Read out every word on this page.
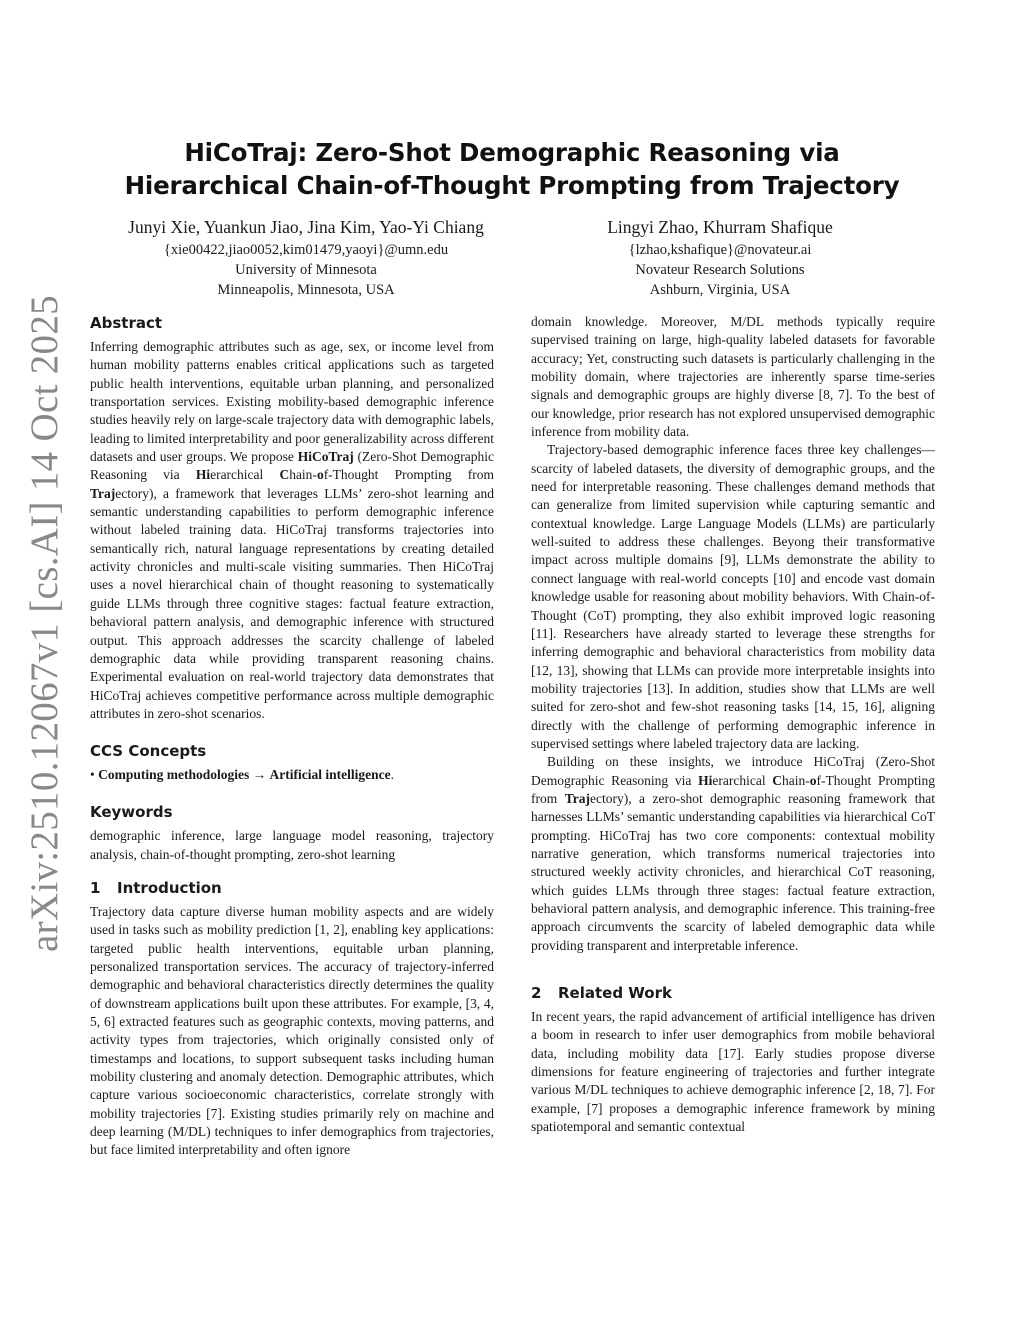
arXiv:2510.12067v1 [cs.AI] 14 Oct 2025
HiCoTraj: Zero-Shot Demographic Reasoning via
Hierarchical Chain-of-Thought Prompting from Trajectory
Junyi Xie, Yuankun Jiao, Jina Kim, Yao-Yi Chiang
{xie00422,jiao0052,kim01479,yaoyi}@umn.edu
University of Minnesota
Minneapolis, Minnesota, USA
Lingyi Zhao, Khurram Shafique
{lzhao,kshafique}@novateur.ai
Novateur Research Solutions
Ashburn, Virginia, USA
Abstract

Inferring demographic attributes such as age, sex, or income level from human mobility patterns enables critical applications such as targeted public health interventions, equitable urban planning, and personalized transportation services. Existing mobility-based demographic inference studies heavily rely on large-scale trajectory data with demographic labels, leading to limited interpretability and poor generalizability across different datasets and user groups. We propose HiCoTraj (Zero-Shot Demographic Reasoning via Hierarchical Chain-of-Thought Prompting from Trajectory), a framework that leverages LLMs’ zero-shot learning and semantic understanding capabilities to perform demographic inference without labeled training data. HiCoTraj transforms trajectories into semantically rich, natural language representations by creating detailed activity chronicles and multi-scale visiting summaries. Then HiCoTraj uses a novel hierarchical chain of thought reasoning to systematically guide LLMs through three cognitive stages: factual feature extraction, behavioral pattern analysis, and demographic inference with structured output. This approach addresses the scarcity challenge of labeled demographic data while providing transparent reasoning chains. Experimental evaluation on real-world trajectory data demonstrates that HiCoTraj achieves competitive performance across multiple demographic attributes in zero-shot scenarios.

CCS Concepts
• Computing methodologies → Artificial intelligence.
Keywords

demographic inference, large language model reasoning, trajectory analysis, chain-of-thought prompting, zero-shot learning

1 Introduction

Trajectory data capture diverse human mobility aspects and are widely used in tasks such as mobility prediction [1, 2], enabling key applications: targeted public health interventions, equitable urban planning, personalized transportation services. The accuracy of trajectory-inferred demographic and behavioral characteristics directly determines the quality of downstream applications built upon these attributes. For example, [3, 4, 5, 6] extracted features such as geographic contexts, moving patterns, and activity types from trajectories, which originally consisted only of timestamps and locations, to support subsequent tasks including human mobility clustering and anomaly detection. Demographic attributes, which capture various socioeconomic characteristics, correlate strongly with mobility trajectories [7]. Existing studies primarily rely on machine and deep learning (M/DL) techniques to infer demographics from trajectories, but face limited interpretability and often ignore

domain knowledge. Moreover, M/DL methods typically require supervised training on large, high-quality labeled datasets for favorable accuracy; Yet, constructing such datasets is particularly challenging in the mobility domain, where trajectories are inherently sparse time-series signals and demographic groups are highly diverse [8, 7]. To the best of our knowledge, prior research has not explored unsupervised demographic inference from mobility data.

Trajectory-based demographic inference faces three key challenges—scarcity of labeled datasets, the diversity of demographic groups, and the need for interpretable reasoning. These challenges demand methods that can generalize from limited supervision while capturing semantic and contextual knowledge. Large Language Models (LLMs) are particularly well-suited to address these challenges. Beyong their transformative impact across multiple domains [9], LLMs demonstrate the ability to connect language with real-world concepts [10] and encode vast domain knowledge usable for reasoning about mobility behaviors. With Chain-of-Thought (CoT) prompting, they also exhibit improved logic reasoning [11]. Researchers have already started to leverage these strengths for inferring demographic and behavioral characteristics from mobility data [12, 13], showing that LLMs can provide more interpretable insights into mobility trajectories [13]. In addition, studies show that LLMs are well suited for zero-shot and few-shot reasoning tasks [14, 15, 16], aligning directly with the challenge of performing demographic inference in supervised settings where labeled trajectory data are lacking.

Building on these insights, we introduce HiCoTraj (Zero-Shot Demographic Reasoning via Hierarchical Chain-of-Thought Prompting from Trajectory), a zero-shot demographic reasoning framework that harnesses LLMs’ semantic understanding capabilities via hierarchical CoT prompting. HiCoTraj has two core components: contextual mobility narrative generation, which transforms numerical trajectories into structured weekly activity chronicles, and hierarchical CoT reasoning, which guides LLMs through three stages: factual feature extraction, behavioral pattern analysis, and demographic inference. This training-free approach circumvents the scarcity of labeled demographic data while providing transparent and interpretable inference.

2 Related Work

In recent years, the rapid advancement of artificial intelligence has driven a boom in research to infer user demographics from mobile behavioral data, including mobility data [17]. Early studies propose diverse dimensions for feature engineering of trajectories and further integrate various M/DL techniques to achieve demographic inference [2, 18, 7]. For example, [7] proposes a demographic inference framework by mining spatiotemporal and semantic contextual
